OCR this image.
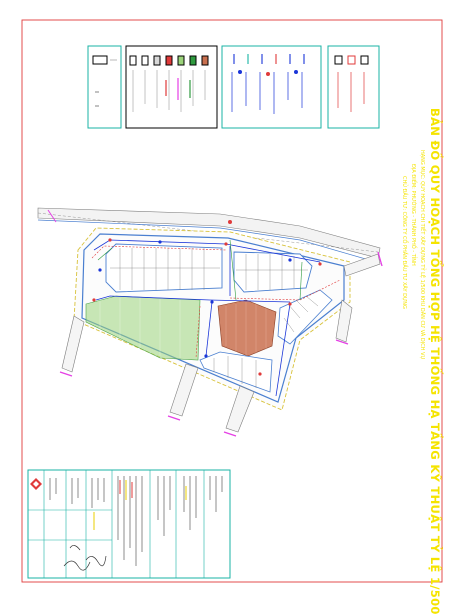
BẢN ĐỒ QUY HOẠCH TỔNG HỢP HỆ THỐNG HẠ TẦNG KỸ THUẬT TỶ LỆ 1/500
HẠNG MỤC: QUY HOẠCH CHI TIẾT XÂY DỰNG TỶ LỆ 1/500 KHU DÂN CƯ VÀ DỊCH VỤ
ĐỊA ĐIỂM: PHƯỜNG - THÀNH PHỐ - TỈNH
CHỦ ĐẦU TƯ: CÔNG TY CỔ PHẦN ĐẦU TƯ XÂY DỰNG
